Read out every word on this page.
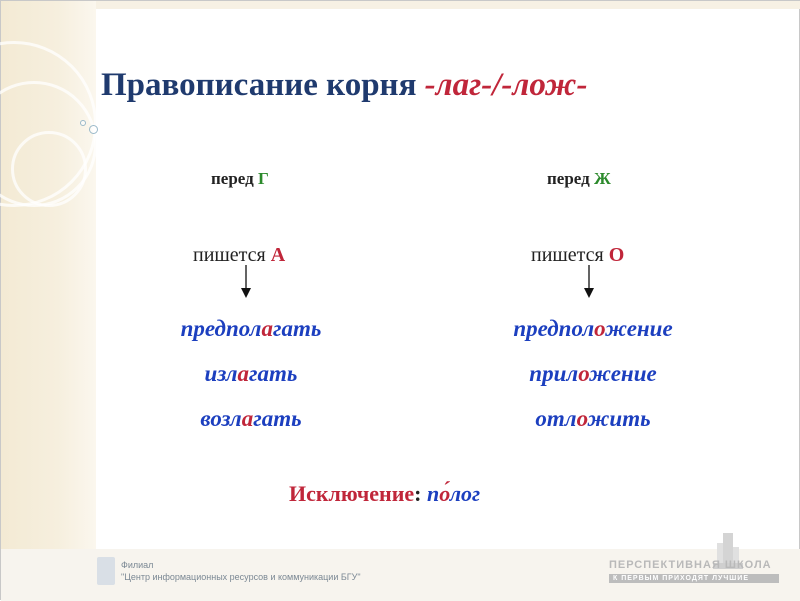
Правописание корня -лаг-/-лож-
перед Г
пишется А
предполагать
излагать
возлагать
перед Ж
пишется О
предположение
приложение
отложить
Исключение: по́лог
Филиал
"Центр информационных ресурсов и коммуникации БГУ"
ПЕРСПЕКТИВНАЯ ШКОЛА
К ПЕРВЫМ ПРИХОДЯТ ЛУЧШИЕ
